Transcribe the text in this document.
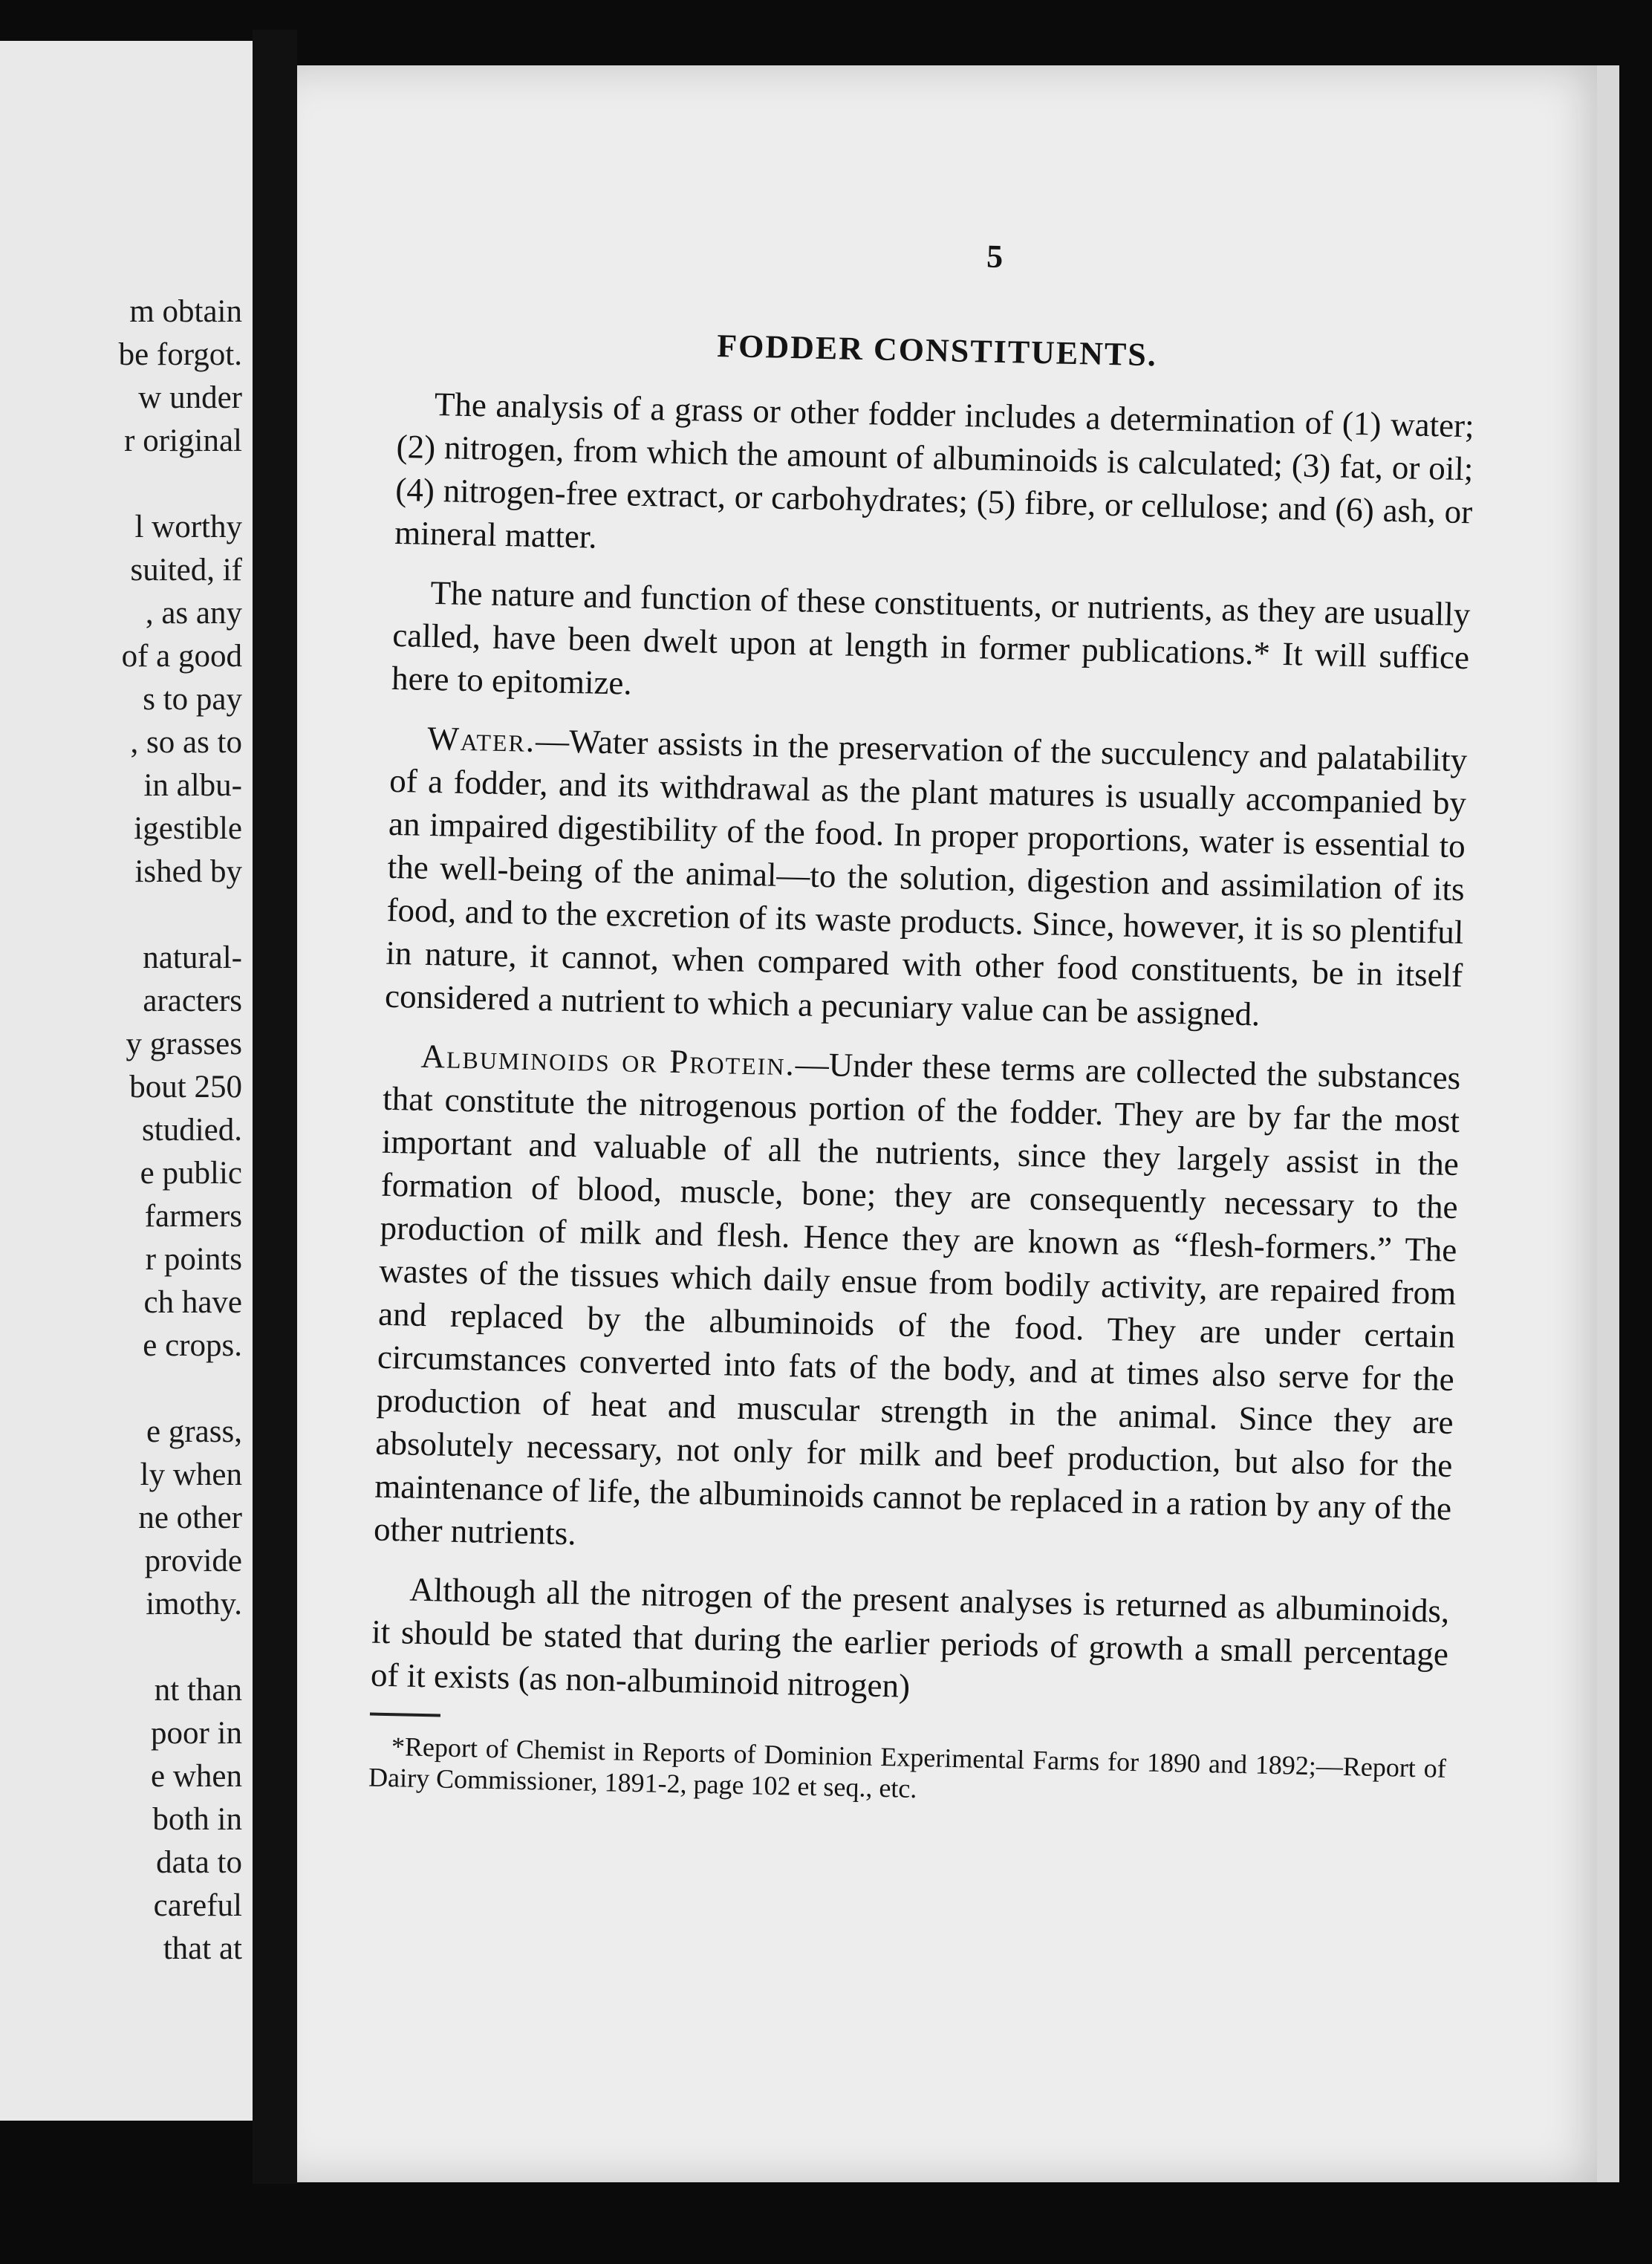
m obtain
be forgot.
w under
r original
l worthy
suited, if
, as any
of a good
s to pay
, so as to
in albu-
igestible
ished by
natural-
aracters
y grasses
bout 250
studied.
e public
farmers
r points
ch have
e crops.
e grass,
ly when
ne other
provide
imothy.
nt than
poor in
e when
both in
data to
careful
that at

5

FODDER CONSTITUENTS.

The analysis of a grass or other fodder includes a determination of (1) water; (2) nitrogen, from which the amount of albuminoids is calculated; (3) fat, or oil; (4) nitrogen-free extract, or carbohydrates; (5) fibre, or cellulose; and (6) ash, or mineral matter.

The nature and function of these constituents, or nutrients, as they are usually called, have been dwelt upon at length in former publications.* It will suffice here to epitomize.

Water.—Water assists in the preservation of the succulency and palatability of a fodder, and its withdrawal as the plant matures is usually accompanied by an impaired digestibility of the food. In proper proportions, water is essential to the well-being of the animal—to the solution, digestion and assimilation of its food, and to the excretion of its waste products. Since, however, it is so plentiful in nature, it cannot, when compared with other food constituents, be in itself considered a nutrient to which a pecuniary value can be assigned.

Albuminoids or Protein.—Under these terms are collected the substances that constitute the nitrogenous portion of the fodder. They are by far the most important and valuable of all the nutrients, since they largely assist in the formation of blood, muscle, bone; they are consequently necessary to the production of milk and flesh. Hence they are known as “flesh-formers.” The wastes of the tissues which daily ensue from bodily activity, are repaired from and replaced by the albuminoids of the food. They are under certain circumstances converted into fats of the body, and at times also serve for the production of heat and muscular strength in the animal. Since they are absolutely necessary, not only for milk and beef production, but also for the maintenance of life, the albuminoids cannot be replaced in a ration by any of the other nutrients.

Although all the nitrogen of the present analyses is returned as albuminoids, it should be stated that during the earlier periods of growth a small percentage of it exists (as non-albuminoid nitrogen)

*Report of Chemist in Reports of Dominion Experimental Farms for 1890 and 1892;—Report of Dairy Commissioner, 1891-2, page 102 et seq., etc.
